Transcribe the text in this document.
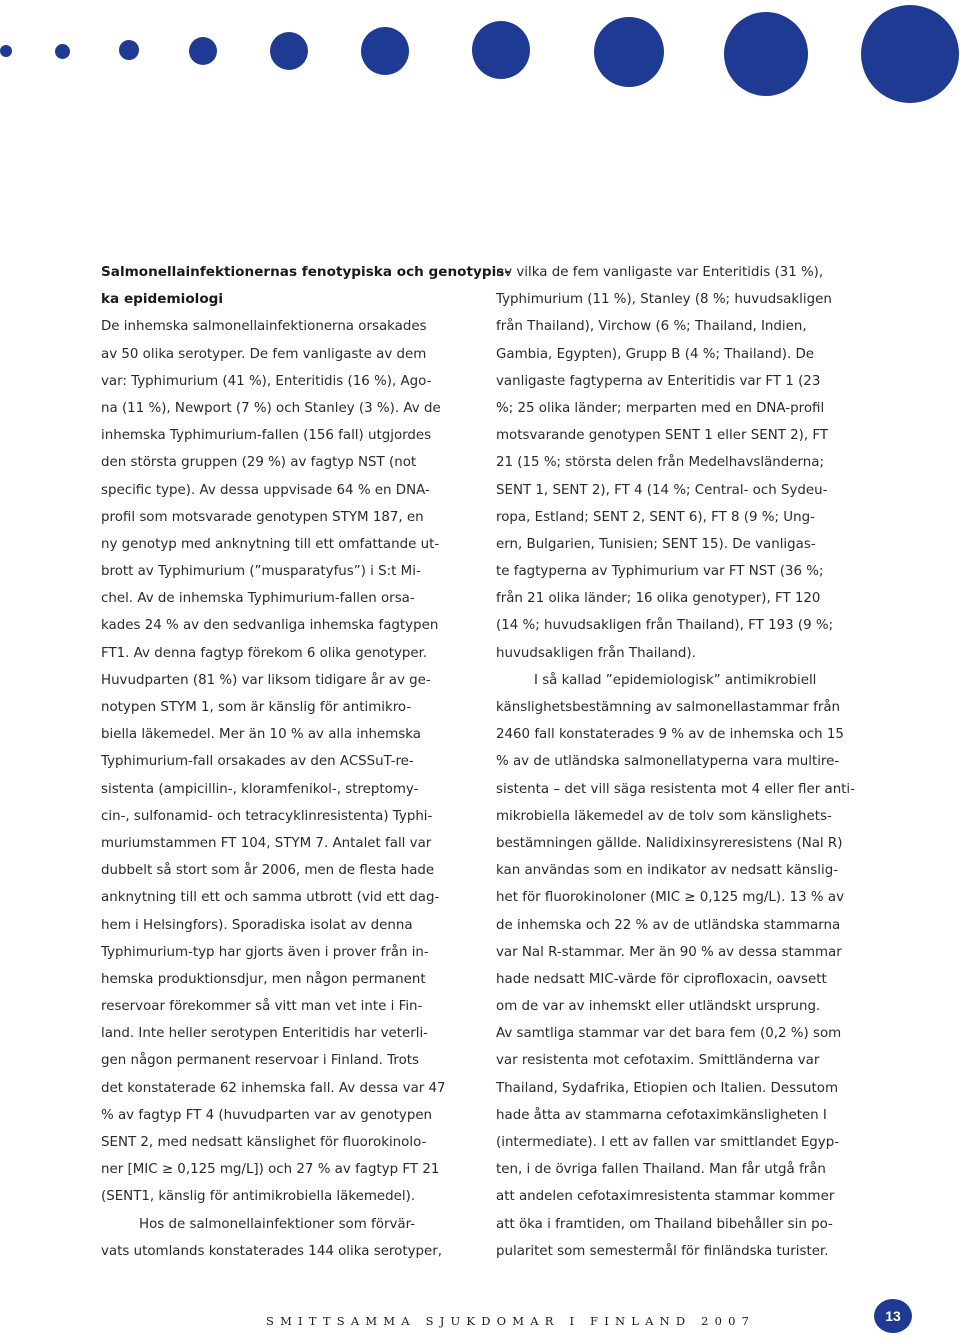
Salmonellainfektionernas fenotypiska och genotypis-
ka epidemiologi
De inhemska salmonellainfektionerna orsakades
av 50 olika serotyper. De fem vanligaste av dem
var: Typhimurium (41 %), Enteritidis (16 %), Ago-
na (11 %), Newport (7 %) och Stanley (3 %). Av de
inhemska Typhimurium-fallen (156 fall) utgjordes
den största gruppen (29 %) av fagtyp NST (not
specific type). Av dessa uppvisade 64 % en DNA-
profil som motsvarade genotypen STYM 187, en
ny genotyp med anknytning till ett omfattande ut-
brott av Typhimurium (”musparatyfus”) i S:t Mi-
chel. Av de inhemska Typhimurium-fallen orsa-
kades 24 % av den sedvanliga inhemska fagtypen
FT1. Av denna fagtyp förekom 6 olika genotyper.
Huvudparten (81 %) var liksom tidigare år av ge-
notypen STYM 1, som är känslig för antimikro-
biella läkemedel. Mer än 10 % av alla inhemska
Typhimurium-fall orsakades av den ACSSuT-re-
sistenta (ampicillin-, kloramfenikol-, streptomy-
cin-, sulfonamid- och tetracyklinresistenta) Typhi-
muriumstammen FT 104, STYM 7. Antalet fall var
dubbelt så stort som år 2006, men de flesta hade
anknytning till ett och samma utbrott (vid ett dag-
hem i Helsingfors). Sporadiska isolat av denna
Typhimurium-typ har gjorts även i prover från in-
hemska produktionsdjur, men någon permanent
reservoar förekommer så vitt man vet inte i Fin-
land. Inte heller serotypen Enteritidis har veterli-
gen någon permanent reservoar i Finland. Trots
det konstaterade 62 inhemska fall. Av dessa var 47
% av fagtyp FT 4 (huvudparten var av genotypen
SENT 2, med nedsatt känslighet för fluorokinolo-
ner [MIC ≥ 0,125 mg/L]) och 27 % av fagtyp FT 21
(SENT1, känslig för antimikrobiella läkemedel).
Hos de salmonellainfektioner som förvär-
vats utomlands konstaterades 144 olika serotyper,
av vilka de fem vanligaste var Enteritidis (31 %),
Typhimurium (11 %), Stanley (8 %; huvudsakligen
från Thailand), Virchow (6 %; Thailand, Indien,
Gambia, Egypten), Grupp B (4 %; Thailand). De
vanligaste fagtyperna av Enteritidis var FT 1 (23
%; 25 olika länder; merparten med en DNA-profil
motsvarande genotypen SENT 1 eller SENT 2), FT
21 (15 %; största delen från Medelhavsländerna;
SENT 1, SENT 2), FT 4 (14 %; Central- och Sydeu-
ropa, Estland; SENT 2, SENT 6), FT 8 (9 %; Ung-
ern, Bulgarien, Tunisien; SENT 15). De vanligas-
te fagtyperna av Typhimurium var FT NST (36 %;
från 21 olika länder; 16 olika genotyper), FT 120
(14 %; huvudsakligen från Thailand), FT 193 (9 %;
huvudsakligen från Thailand).
I så kallad ”epidemiologisk” antimikrobiell
känslighetsbestämning av salmonellastammar från
2460 fall konstaterades 9 % av de inhemska och 15
% av de utländska salmonellatyperna vara multire-
sistenta – det vill säga resistenta mot 4 eller fler anti-
mikrobiella läkemedel av de tolv som känslighets-
bestämningen gällde. Nalidixinsyreresistens (Nal R)
kan användas som en indikator av nedsatt känslig-
het för fluorokinoloner (MIC ≥ 0,125 mg/L). 13 % av
de inhemska och 22 % av de utländska stammarna
var Nal R-stammar. Mer än 90 % av dessa stammar
hade nedsatt MIC-värde för ciprofloxacin, oavsett
om de var av inhemskt eller utländskt ursprung.
Av samtliga stammar var det bara fem (0,2 %) som
var resistenta mot cefotaxim. Smittländerna var
Thailand, Sydafrika, Etiopien och Italien. Dessutom
hade åtta av stammarna cefotaximkänsligheten I
(intermediate). I ett av fallen var smittlandet Egyp-
ten, i de övriga fallen Thailand. Man får utgå från
att andelen cefotaximresistenta stammar kommer
att öka i framtiden, om Thailand bibehåller sin po-
pularitet som semestermål för finländska turister.
SMITTSAMMA SJUKDOMAR I FINLAND 2007	13
